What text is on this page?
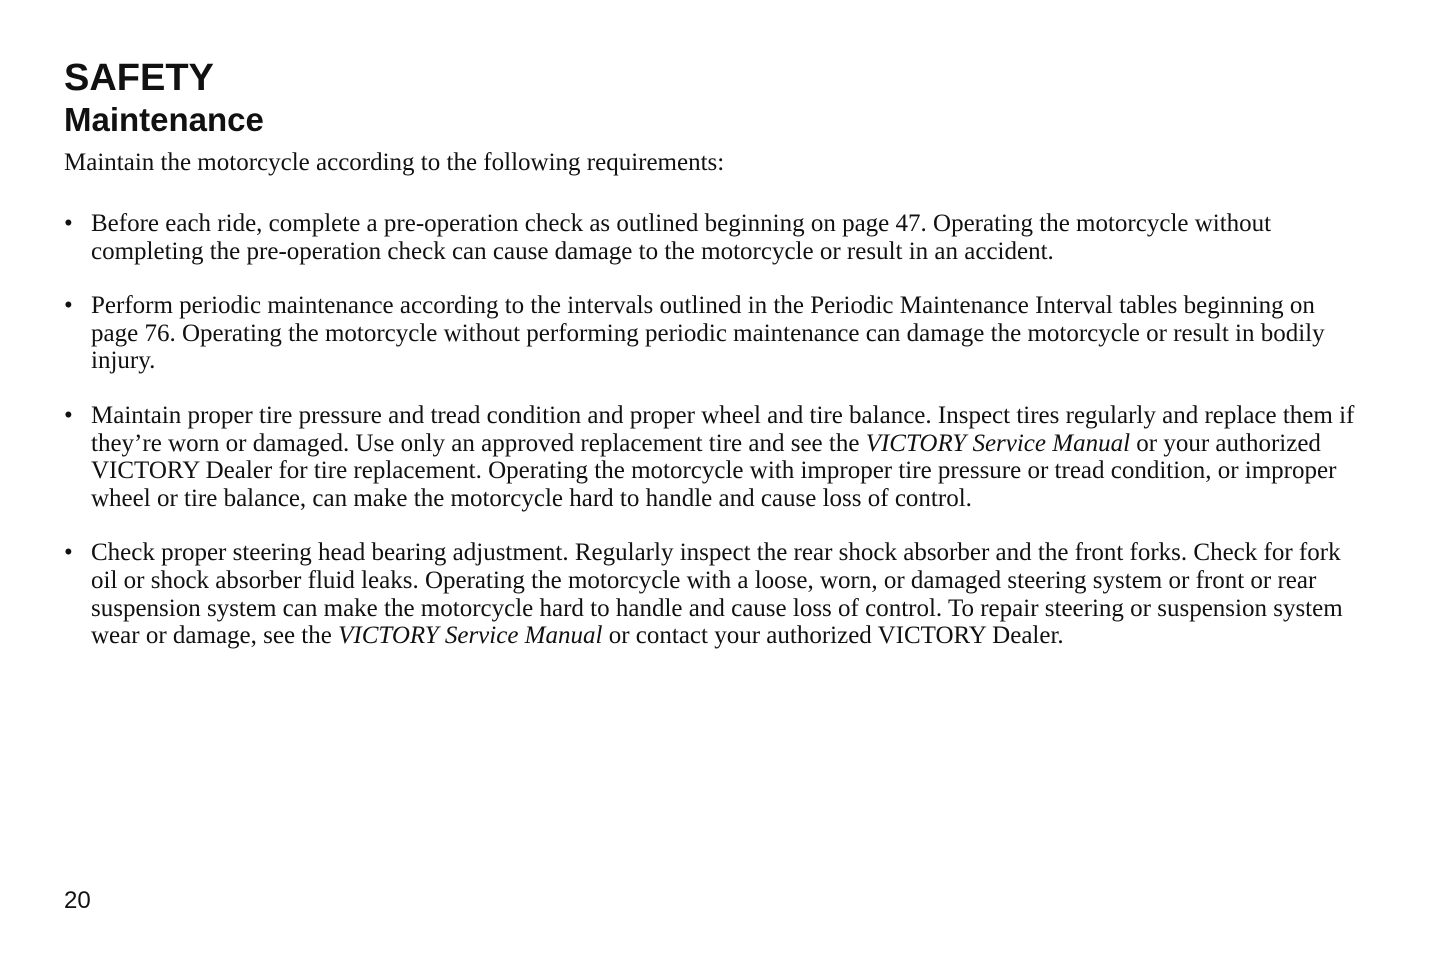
SAFETY
Maintenance

Maintain the motorcycle according to the following requirements:

• Before each ride, complete a pre-operation check as outlined beginning on page 47. Operating the motorcycle without completing the pre-operation check can cause damage to the motorcycle or result in an accident.
• Perform periodic maintenance according to the intervals outlined in the Periodic Maintenance Interval tables beginning on page 76. Operating the motorcycle without performing periodic maintenance can damage the motorcycle or result in bodily injury.
• Maintain proper tire pressure and tread condition and proper wheel and tire balance. Inspect tires regularly and replace them if they’re worn or damaged. Use only an approved replacement tire and see the VICTORY Service Manual or your authorized VICTORY Dealer for tire replacement. Operating the motorcycle with improper tire pressure or tread condition, or improper wheel or tire balance, can make the motorcycle hard to handle and cause loss of control.
• Check proper steering head bearing adjustment. Regularly inspect the rear shock absorber and the front forks. Check for fork oil or shock absorber fluid leaks. Operating the motorcycle with a loose, worn, or damaged steering system or front or rear suspension system can make the motorcycle hard to handle and cause loss of control. To repair steering or suspension system wear or damage, see the VICTORY Service Manual or contact your authorized VICTORY Dealer.

20
